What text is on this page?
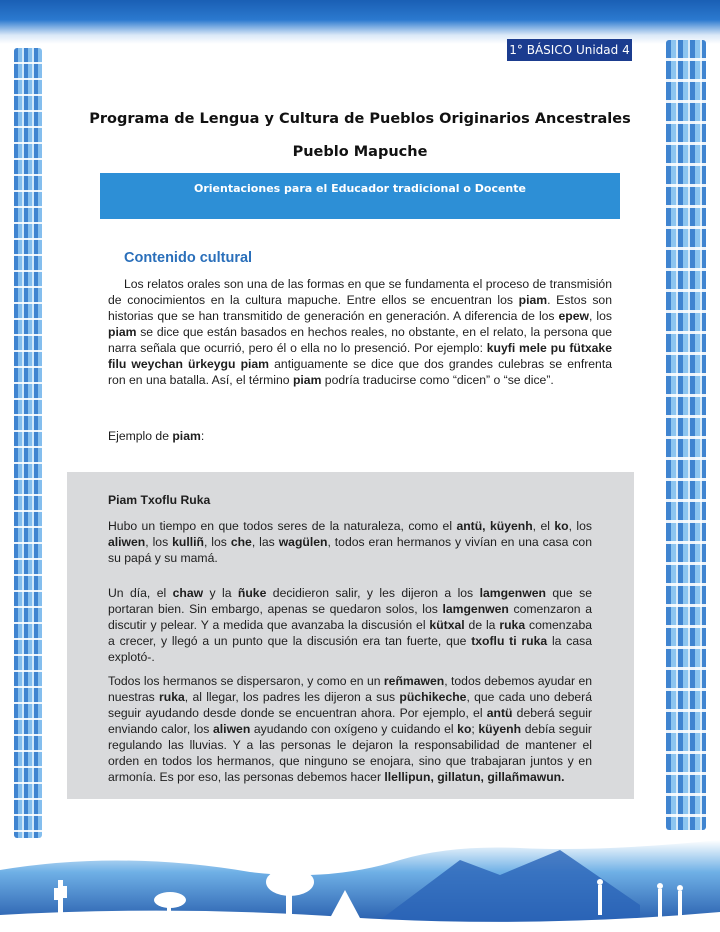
1° BÁSICO Unidad 4
Programa de Lengua y Cultura de Pueblos Originarios Ancestrales
Pueblo Mapuche
Orientaciones para el Educador tradicional o Docente
Contenido cultural
Los relatos orales son una de las formas en que se fundamenta el proceso de transmisión de conocimientos en la cultura mapuche. Entre ellos se encuentran los piam. Estos son historias que se han transmitido de generación en generación. A diferencia de los epew, los piam se dice que están basados en hechos reales, no obstante, en el relato, la persona que narra señala que ocurrió, pero él o ella no lo presenció. Por ejemplo: kuyfi mele pu fütxake filu weychan ürkeygu piam antiguamente se dice que dos grandes culebras se enfrenta ron en una batalla. Así, el término piam podría traducirse como “dicen” o “se dice”.
Ejemplo de piam:
Piam Txoflu Ruka
Hubo un tiempo en que todos seres de la naturaleza, como el antü, küyenh, el ko, los aliwen, los kulliñ, los che, las wagülen, todos eran hermanos y vivían en una casa con su papá y su mamá.
Un día, el chaw y la ñuke decidieron salir, y les dijeron a los lamgenwen que se portaran bien. Sin embargo, apenas se quedaron solos, los lamgenwen comenzaron a discutir y pelear. Y a medida que avanzaba la discusión el kütxal de la ruka comenzaba a crecer, y llegó a un punto que la discusión era tan fuerte, que txoflu ti ruka la casa explotó-.
Todos los hermanos se dispersaron, y como en un reñmawen, todos debemos ayudar en nuestras ruka, al llegar, los padres les dijeron a sus püchikeche, que cada uno deberá seguir ayudando desde donde se encuentran ahora. Por ejemplo, el antü deberá seguir enviando calor, los aliwen ayudando con oxígeno y cuidando el ko; küyenh debía seguir regulando las lluvias. Y a las personas le dejaron la responsabilidad de mantener el orden en todos los hermanos, que ninguno se enojara, sino que trabajaran juntos y en armonía. Es por eso, las personas debemos hacer llellipun, gillatun, gillañmawun.
